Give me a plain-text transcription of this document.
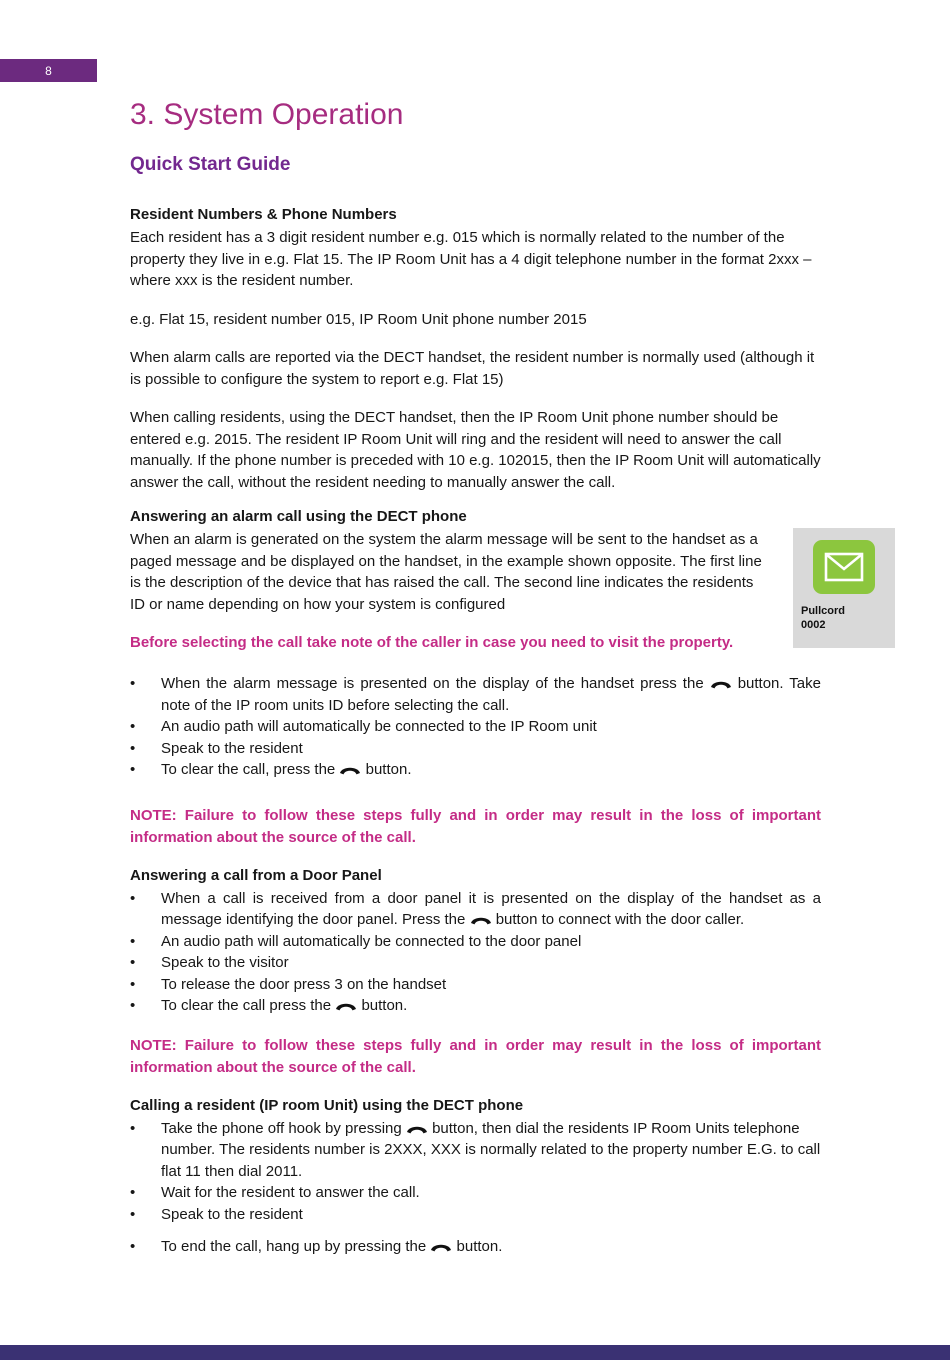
8
3. System Operation
Quick Start Guide
Resident Numbers & Phone Numbers

Each resident has a 3 digit resident number e.g. 015 which is normally related to the number of the property they live in e.g. Flat 15. The IP Room Unit has a 4 digit telephone number in the format 2xxx – where xxx is the resident number.

e.g. Flat 15, resident number 015, IP Room Unit phone number 2015

When alarm calls are reported via the DECT handset, the resident number is normally used (although it is possible to configure the system to report e.g. Flat 15)

When calling residents, using the DECT handset, then the IP Room Unit phone number should be entered e.g. 2015. The resident IP Room Unit will ring and the resident will need to answer the call manually. If the phone number is preceded with 10 e.g. 102015, then the IP Room Unit will automatically answer the call, without the resident needing to manually answer the call.

Answering an alarm call using the DECT phone

When an alarm is generated on the system the alarm message will be sent to the handset as a paged message and be displayed on the handset, in the example shown opposite. The first line is the description of the device that has raised the call. The second line indicates the residents ID or name depending on how your system is configured	Pullcord
0002

Before selecting the call take note of the caller in case you need to visit the property.

•	When the alarm message is presented on the display of the handset press the button. Take note of the IP room units ID before selecting the call.
•	An audio path will automatically be connected to the IP Room unit
•	Speak to the resident
•	To clear the call, press the button.

NOTE: Failure to follow these steps fully and in order may result in the loss of important information about the source of the call.

Answering a call from a Door Panel
•	When a call is received from a door panel it is presented on the display of the handset as a message identifying the door panel. Press the button to connect with the door caller.
•	An audio path will automatically be connected to the door panel
•	Speak to the visitor
•	To release the door press 3 on the handset
•	To clear the call press the button.

NOTE: Failure to follow these steps fully and in order may result in the loss of important information about the source of the call.

Calling a resident (IP room Unit) using the DECT phone
•	Take the phone off hook by pressing button, then dial the residents IP Room Units telephone number. The residents number is 2XXX, XXX is normally related to the property number E.G. to call flat 11 then dial 2011.
•	Wait for the resident to answer the call.
•	Speak to the resident
•	To end the call, hang up by pressing the button.
